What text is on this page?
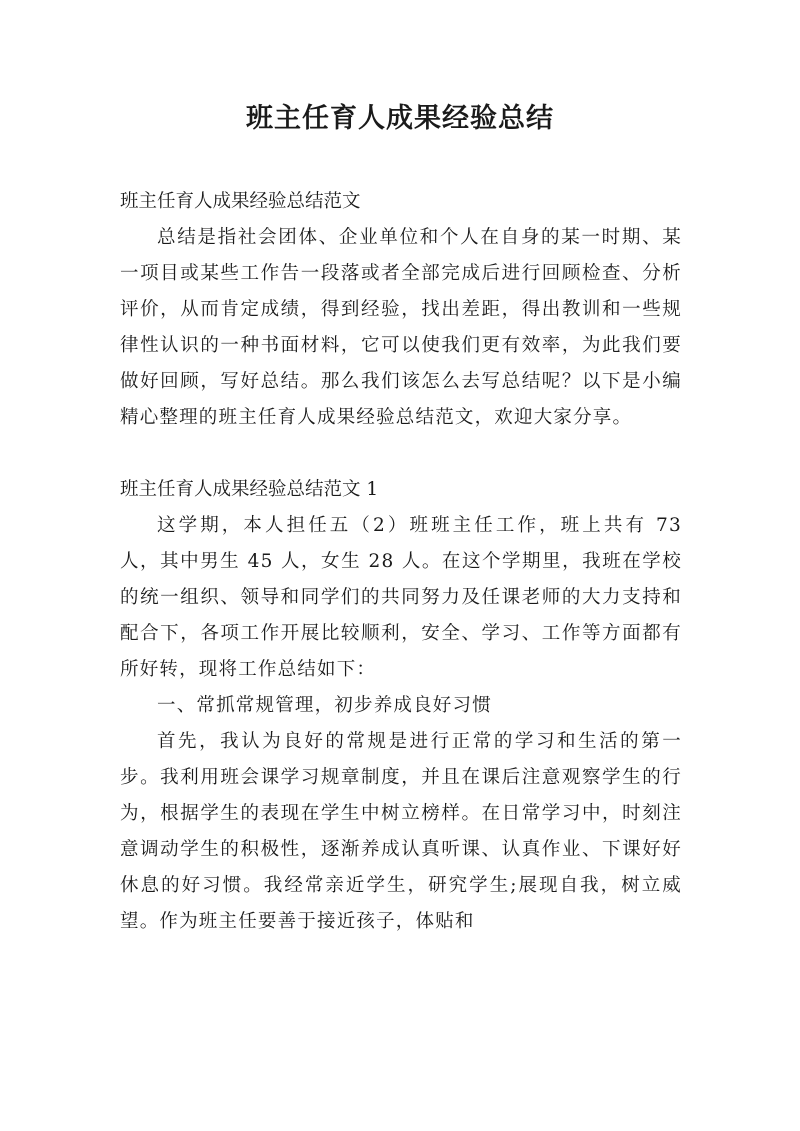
班主任育人成果经验总结

班主任育人成果经验总结范文

总结是指社会团体、企业单位和个人在自身的某一时期、某一项目或某些工作告一段落或者全部完成后进行回顾检查、分析评价，从而肯定成绩，得到经验，找出差距，得出教训和一些规律性认识的一种书面材料，它可以使我们更有效率，为此我们要做好回顾，写好总结。那么我们该怎么去写总结呢？以下是小编精心整理的班主任育人成果经验总结范文，欢迎大家分享。

班主任育人成果经验总结范文 1

这学期，本人担任五（2）班班主任工作，班上共有 73 人，其中男生 45 人，女生 28 人。在这个学期里，我班在学校的统一组织、领导和同学们的共同努力及任课老师的大力支持和配合下，各项工作开展比较顺利，安全、学习、工作等方面都有所好转，现将工作总结如下：

一、常抓常规管理，初步养成良好习惯

首先，我认为良好的常规是进行正常的学习和生活的第一步。我利用班会课学习规章制度，并且在课后注意观察学生的行为，根据学生的表现在学生中树立榜样。在日常学习中，时刻注意调动学生的积极性，逐渐养成认真听课、认真作业、下课好好休息的好习惯。我经常亲近学生，研究学生;展现自我，树立威望。作为班主任要善于接近孩子，体贴和
